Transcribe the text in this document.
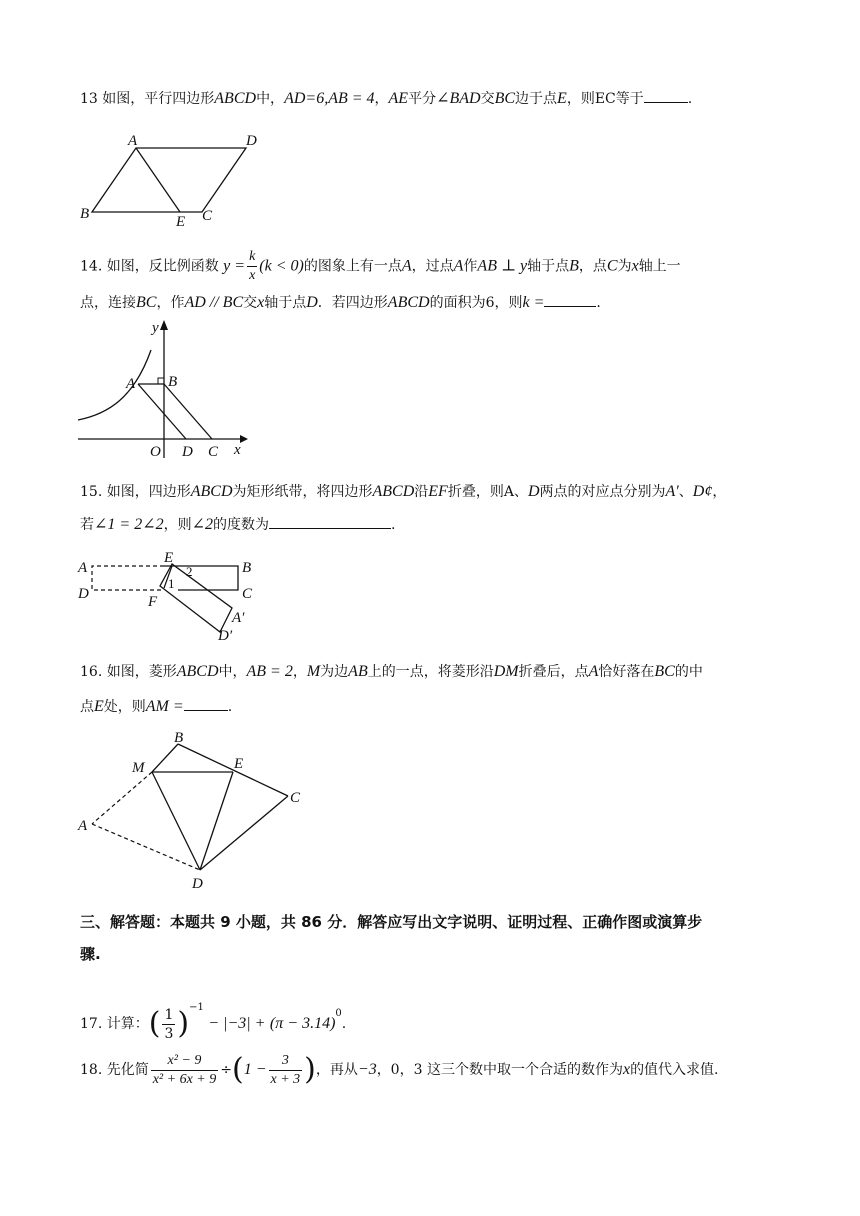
13 如图，平行四边形ABCD中，AD=6,AB = 4，AE平分∠BAD交BC边于点E，则EC等于	.
A	D
B	E C
14. 如图，反比例函数 $y = \frac{k}{x} (k < 0)$的图象上有一点A，过点A作AB ⊥ y轴于点B，点C为x轴上一
点，连接BC，作AD // BC交x轴于点D．若四边形ABCD的面积为6，则k =	.
y
A B
O D C x
15. 如图，四边形ABCD为矩形纸带，将四边形ABCD沿EF折叠，则A、D两点的对应点分别为A′、D¢，
若∠1 = 2∠2，则∠2的度数为	.
A
E
B
D	F	C
1
2
A′
D′
16. 如图，菱形ABCD中，AB = 2，M为边AB上的一点，将菱形沿DM折叠后，点A恰好落在BC的中
点E处，则AM =	.
B
M	E
C
A
D
三、解答题：本题共 9 小题，共 86 分．解答应写出文字说明、证明过程、正确作图或演算步
骤.
17. 计算：( $\frac{1}{3} )^{-1} - |-3| + (\pi - 3.14)^0$.
18. 先化简 $\frac{\text{x² − 9}}{\text{x² + 6x + 9}} \div(1 - \frac{3}{x + 3}$ )，再从−3，0，3 这三个数中取一个合适的数作为x的值代入求值.
